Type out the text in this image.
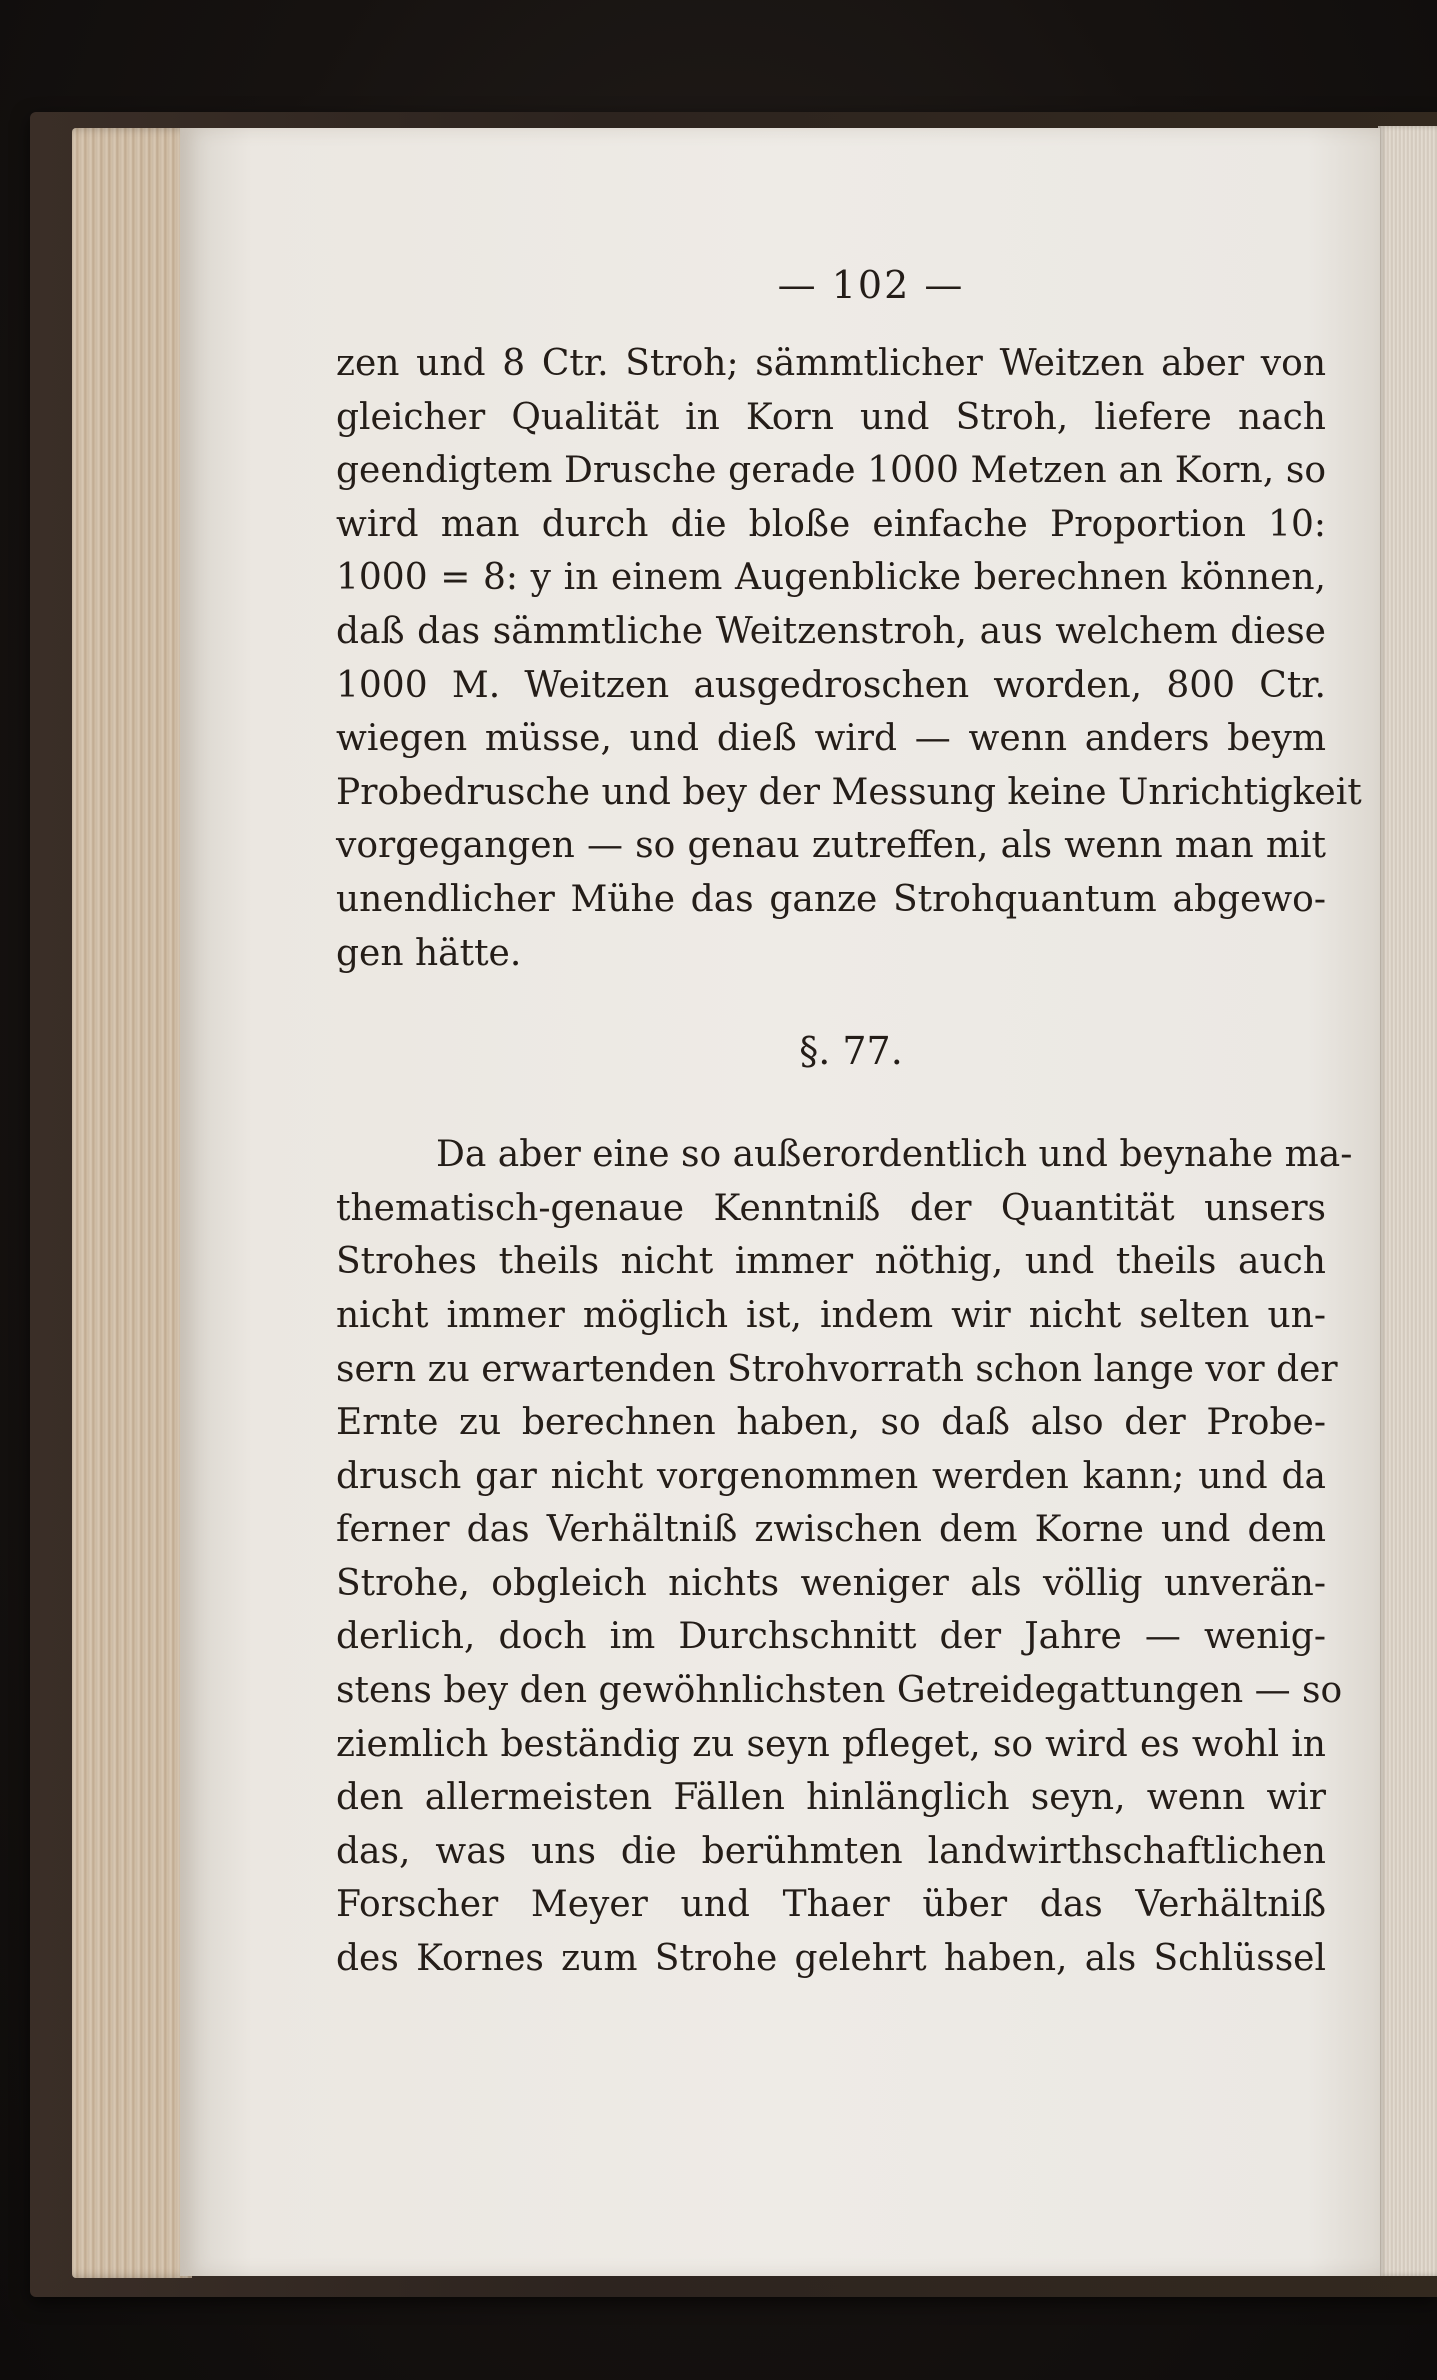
— 102 —
zen und 8 Ctr. Stroh; sämmtlicher Weitzen aber von
gleicher Qualität in Korn und Stroh, liefere nach
geendigtem Drusche gerade 1000 Metzen an Korn, so
wird man durch die bloße einfache Proportion 10:
1000 = 8: y in einem Augenblicke berechnen können,
daß das sämmtliche Weitzenstroh, aus welchem diese
1000 M. Weitzen ausgedroschen worden, 800 Ctr.
wiegen müsse, und dieß wird — wenn anders beym
Probedrusche und bey der Messung keine Unrichtigkeit
vorgegangen — so genau zutreffen, als wenn man mit
unendlicher Mühe das ganze Strohquantum abgewo-
gen hätte.
§. 77.
Da aber eine so außerordentlich und beynahe ma-
thematisch-genaue Kenntniß der Quantität unsers
Strohes theils nicht immer nöthig, und theils auch
nicht immer möglich ist, indem wir nicht selten un-
sern zu erwartenden Strohvorrath schon lange vor der
Ernte zu berechnen haben, so daß also der Probe-
drusch gar nicht vorgenommen werden kann; und da
ferner das Verhältniß zwischen dem Korne und dem
Strohe, obgleich nichts weniger als völlig unverän-
derlich, doch im Durchschnitt der Jahre — wenig-
stens bey den gewöhnlichsten Getreidegattungen — so
ziemlich beständig zu seyn pfleget, so wird es wohl in
den allermeisten Fällen hinlänglich seyn, wenn wir
das, was uns die berühmten landwirthschaftlichen
Forscher Meyer und Thaer über das Verhältniß
des Kornes zum Strohe gelehrt haben, als Schlüssel
